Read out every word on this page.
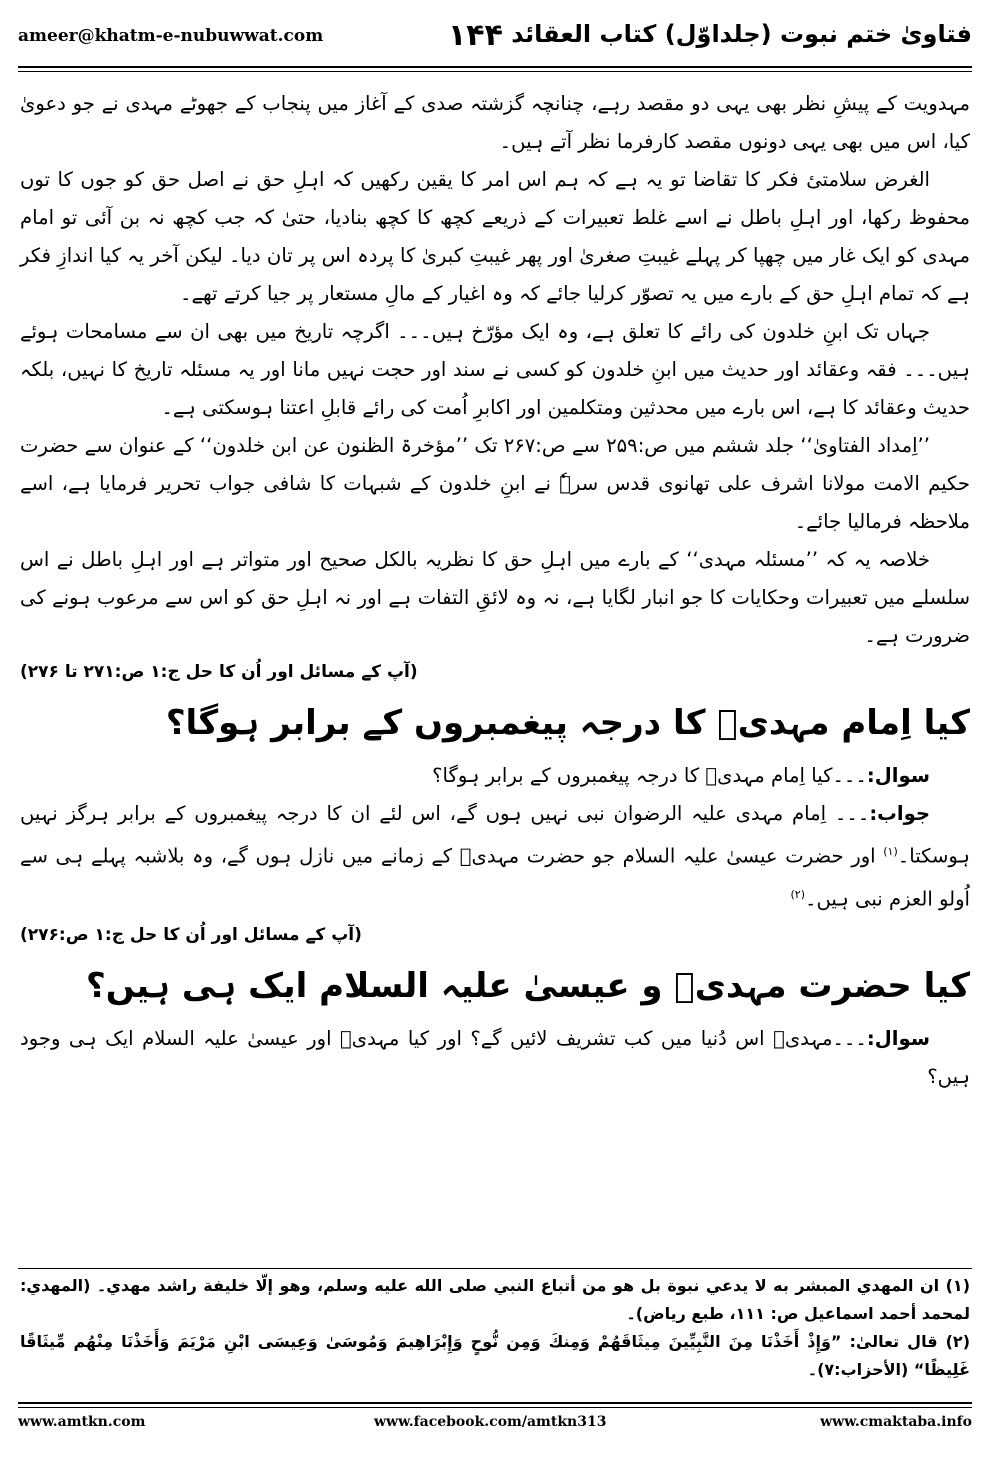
ameer@khatm-e-nubuwwat.com	۱۴۴ فتاویٰ ختم نبوت (جلداوّل) کتاب العقائد

مہدویت کے پیشِ نظر بھی یہی دو مقصد رہے، چنانچہ گزشتہ صدی کے آغاز میں پنجاب کے جھوٹے مہدی نے جو دعویٰ کیا، اس میں بھی یہی دونوں مقصد کارفرما نظر آتے ہیں۔

الغرض سلامتیٔ فکر کا تقاضا تو یہ ہے کہ ہم اس امر کا یقین رکھیں کہ اہلِ حق نے اصل حق کو جوں کا توں محفوظ رکھا، اور اہلِ باطل نے اسے غلط تعبیرات کے ذریعے کچھ کا کچھ بنادیا، حتیٰ کہ جب کچھ نہ بن آئی تو امام مہدی کو ایک غار میں چھپا کر پہلے غیبتِ صغریٰ اور پھر غیبتِ کبریٰ کا پردہ اس پر تان دیا۔ لیکن آخر یہ کیا اندازِ فکر ہے کہ تمام اہلِ حق کے بارے میں یہ تصوّر کرلیا جائے کہ وہ اغیار کے مالِ مستعار پر جیا کرتے تھے۔

جہاں تک ابنِ خلدون کی رائے کا تعلق ہے، وہ ایک مؤرّخ ہیں۔۔۔ اگرچہ تاریخ میں بھی ان سے مسامحات ہوئے ہیں۔۔۔ فقہ وعقائد اور حدیث میں ابنِ خلدون کو کسی نے سند اور حجت نہیں مانا اور یہ مسئلہ تاریخ کا نہیں، بلکہ حدیث وعقائد کا ہے، اس بارے میں محدثین ومتکلمین اور اکابرِ اُمت کی رائے قابلِ اعتنا ہوسکتی ہے۔

’’اِمداد الفتاویٰ‘‘ جلد ششم میں ص:۲۵۹ سے ص:۲۶۷ تک ’’مؤخرۃ الظنون عن ابن خلدون‘‘ کے عنوان سے حضرت حکیم الامت مولانا اشرف علی تھانوی قدس سرہٗ نے ابنِ خلدون کے شبہات کا شافی جواب تحریر فرمایا ہے، اسے ملاحظہ فرمالیا جائے۔

خلاصہ یہ کہ ’’مسئلہ مہدی‘‘ کے بارے میں اہلِ حق کا نظریہ بالکل صحیح اور متواتر ہے اور اہلِ باطل نے اس سلسلے میں تعبیرات وحکایات کا جو انبار لگایا ہے، نہ وہ لائقِ التفات ہے اور نہ اہلِ حق کو اس سے مرعوب ہونے کی ضرورت ہے۔

(آپ کے مسائل اور اُن کا حل ج:۱ ص:۲۷۱ تا ۲۷۶)
کیا اِمام مہدیؓ کا درجہ پیغمبروں کے برابر ہوگا؟

سوال:۔۔۔کیا اِمام مہدیؓ کا درجہ پیغمبروں کے برابر ہوگا؟

جواب:۔۔۔ اِمام مہدی علیہ الرضوان نبی نہیں ہوں گے، اس لئے ان کا درجہ پیغمبروں کے برابر ہرگز نہیں ہوسکتا۔$^{(۱)}$ اور حضرت عیسیٰ علیہ السلام جو حضرت مہدیؓ کے زمانے میں نازل ہوں گے، وہ بلاشبہ پہلے ہی سے اُولو العزم نبی ہیں۔$^{(۲)}$

(آپ کے مسائل اور اُن کا حل ج:۱ ص:۲۷۶)
کیا حضرت مہدیؓ و عیسیٰ علیہ السلام ایک ہی ہیں؟

سوال:۔۔۔مہدیؓ اس دُنیا میں کب تشریف لائیں گے؟ اور کیا مہدیؓ اور عیسیٰ علیہ السلام ایک ہی وجود ہیں؟

(۱) ان المهدي المبشر به لا يدعي نبوة بل هو من أتباع النبي صلى الله عليه وسلم، وهو إلّا خليفة راشد مهدي۔ (المهدي: لمحمد أحمد اسماعيل ص: ۱۱۱، طبع رياض)۔

(۲) قال تعالیٰ: ”وَإِذْ أَخَذْنَا مِنَ النَّبِيِّينَ مِيثَاقَهُمْ وَمِنكَ وَمِن نُّوحٍ وَإِبْرَاهِيمَ وَمُوسَىٰ وَعِيسَى ابْنِ مَرْيَمَ وَأَخَذْنَا مِنْهُم مِّيثَاقًا غَلِيظًا“ (الأحزاب:۷)۔

www.amtkn.com	www.facebook.com/amtkn313	www.cmaktaba.info
